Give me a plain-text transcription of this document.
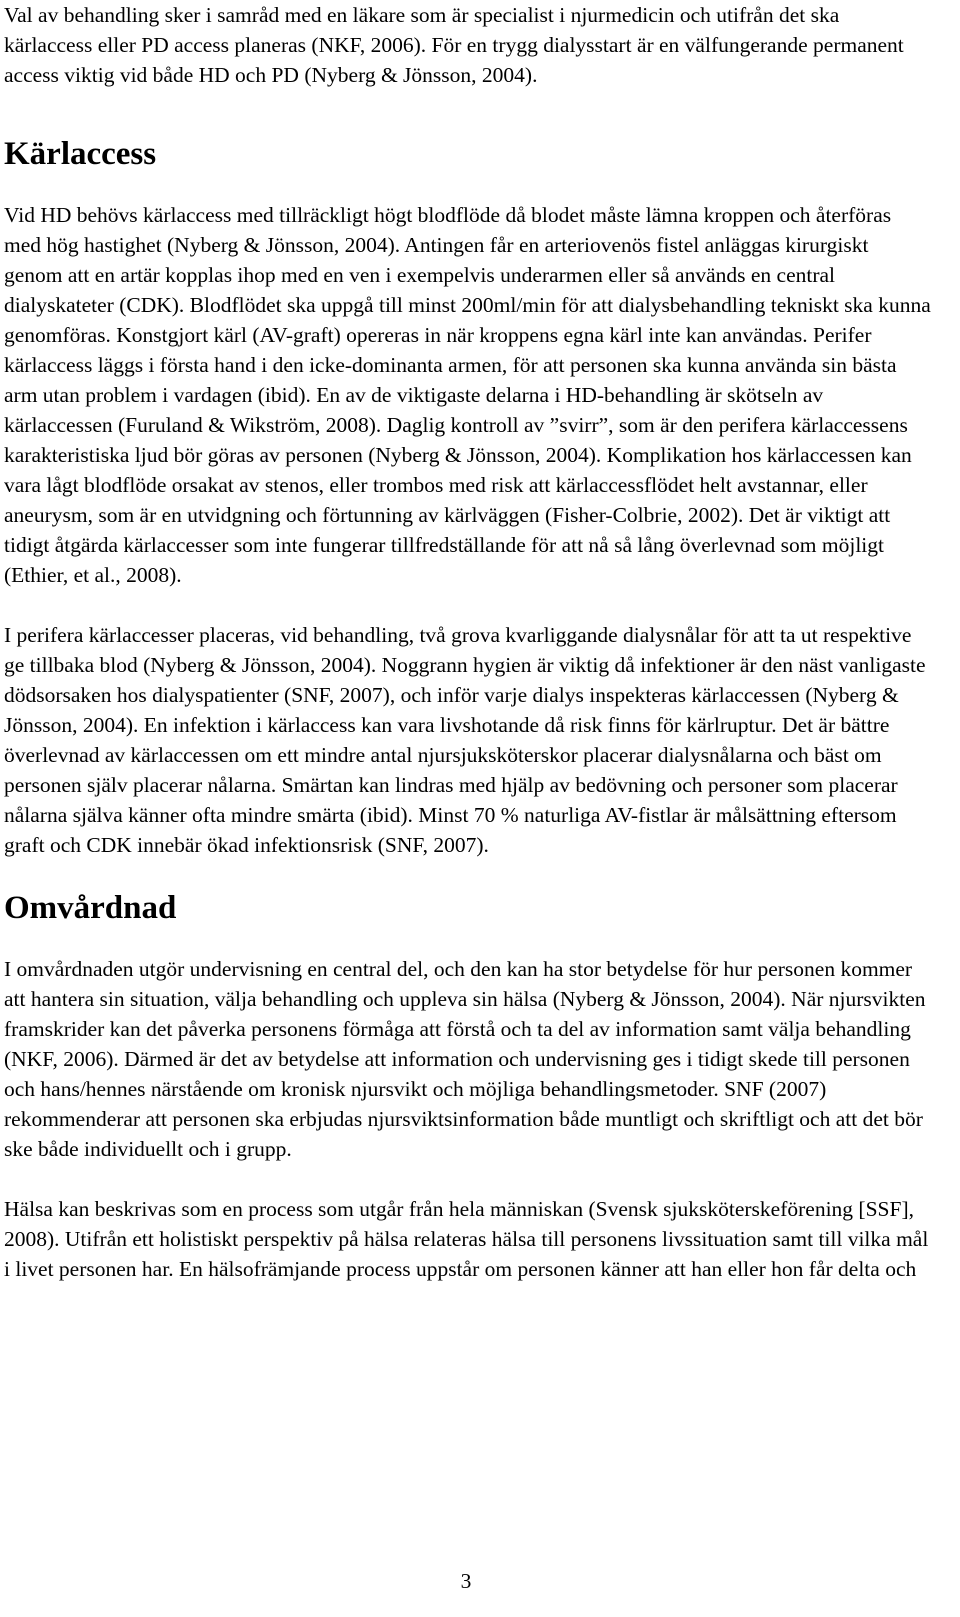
Val av behandling sker i samråd med en läkare som är specialist i njurmedicin och utifrån det ska kärlaccess eller PD access planeras (NKF, 2006). För en trygg dialysstart är en välfungerande permanent access viktig vid både HD och PD (Nyberg & Jönsson, 2004).

Kärlaccess

Vid HD behövs kärlaccess med tillräckligt högt blodflöde då blodet måste lämna kroppen och återföras med hög hastighet (Nyberg & Jönsson, 2004). Antingen får en arteriovenös fistel anläggas kirurgiskt genom att en artär kopplas ihop med en ven i exempelvis underarmen eller så används en central dialyskateter (CDK). Blodflödet ska uppgå till minst 200ml/min för att dialysbehandling tekniskt ska kunna genomföras. Konstgjort kärl (AV-graft) opereras in när kroppens egna kärl inte kan användas. Perifer kärlaccess läggs i första hand i den icke-dominanta armen, för att personen ska kunna använda sin bästa arm utan problem i vardagen (ibid). En av de viktigaste delarna i HD-behandling är skötseln av kärlaccessen (Furuland & Wikström, 2008). Daglig kontroll av ”svirr”, som är den perifera kärlaccessens karakteristiska ljud bör göras av personen (Nyberg & Jönsson, 2004). Komplikation hos kärlaccessen kan vara lågt blodflöde orsakat av stenos, eller trombos med risk att kärlaccessflödet helt avstannar, eller aneurysm, som är en utvidgning och förtunning av kärlväggen (Fisher-Colbrie, 2002). Det är viktigt att tidigt åtgärda kärlaccesser som inte fungerar tillfredställande för att nå så lång överlevnad som möjligt (Ethier, et al., 2008).

I perifera kärlaccesser placeras, vid behandling, två grova kvarliggande dialysnålar för att ta ut respektive ge tillbaka blod (Nyberg & Jönsson, 2004). Noggrann hygien är viktig då infektioner är den näst vanligaste dödsorsaken hos dialyspatienter (SNF, 2007), och inför varje dialys inspekteras kärlaccessen (Nyberg & Jönsson, 2004). En infektion i kärlaccess kan vara livshotande då risk finns för kärlruptur. Det är bättre överlevnad av kärlaccessen om ett mindre antal njursjuksköterskor placerar dialysnålarna och bäst om personen själv placerar nålarna. Smärtan kan lindras med hjälp av bedövning och personer som placerar nålarna själva känner ofta mindre smärta (ibid). Minst 70 % naturliga AV-fistlar är målsättning eftersom graft och CDK innebär ökad infektionsrisk (SNF, 2007).

Omvårdnad

I omvårdnaden utgör undervisning en central del, och den kan ha stor betydelse för hur personen kommer att hantera sin situation, välja behandling och uppleva sin hälsa (Nyberg & Jönsson, 2004). När njursvikten framskrider kan det påverka personens förmåga att förstå och ta del av information samt välja behandling (NKF, 2006). Därmed är det av betydelse att information och undervisning ges i tidigt skede till personen och hans/hennes närstående om kronisk njursvikt och möjliga behandlingsmetoder. SNF (2007) rekommenderar att personen ska erbjudas njursviktsinformation både muntligt och skriftligt och att det bör ske både individuellt och i grupp.

Hälsa kan beskrivas som en process som utgår från hela människan (Svensk sjuksköterskeförening [SSF], 2008). Utifrån ett holistiskt perspektiv på hälsa relateras hälsa till personens livssituation samt till vilka mål i livet personen har. En hälsofrämjande process uppstår om personen känner att han eller hon får delta och

3
